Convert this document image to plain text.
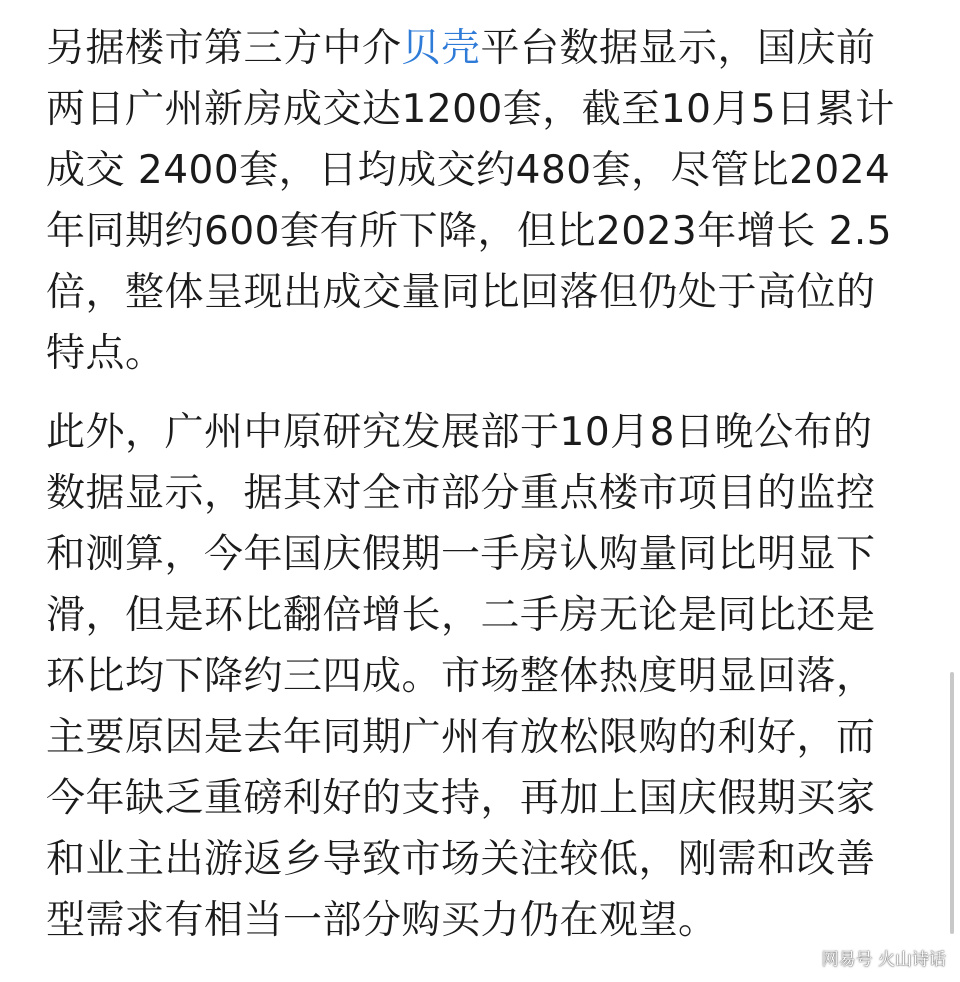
另据楼市第三方中介贝壳平台数据显示，国庆前
两日广州新房成交达1200套，截至10月5日累计
成交 2400套，日均成交约480套，尽管比2024
年同期约600套有所下降，但比2023年增长 2.5
倍，整体呈现出成交量同比回落但仍处于高位的
特点。

此外，广州中原研究发展部于10月8日晚公布的
数据显示，据其对全市部分重点楼市项目的监控
和测算，今年国庆假期一手房认购量同比明显下
滑，但是环比翻倍增长，二手房无论是同比还是
环比均下降约三四成。市场整体热度明显回落，
主要原因是去年同期广州有放松限购的利好，而
今年缺乏重磅利好的支持，再加上国庆假期买家
和业主出游返乡导致市场关注较低，刚需和改善
型需求有相当一部分购买力仍在观望。

网易号 火山诗话
